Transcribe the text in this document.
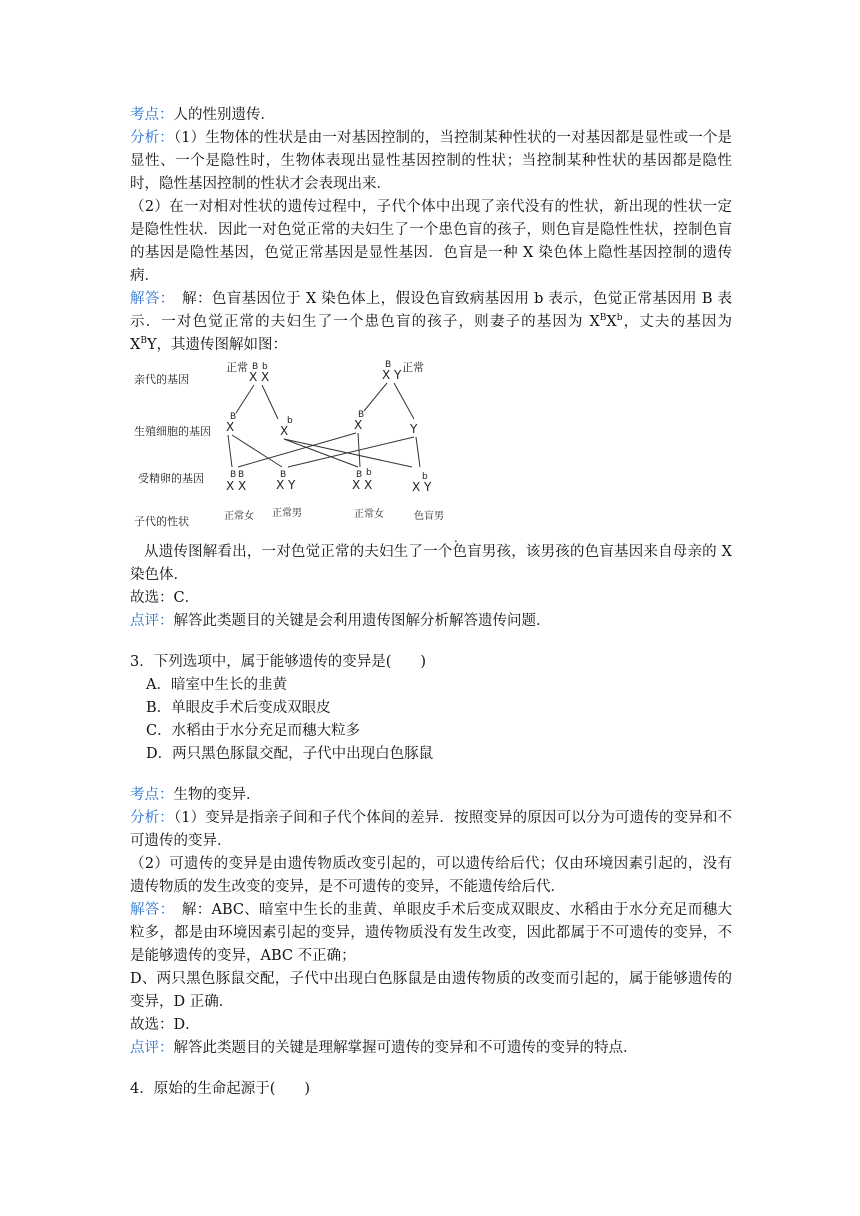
考点：人的性别遗传．

分析：（1）生物体的性状是由一对基因控制的，当控制某种性状的一对基因都是显性或一个是显性、一个是隐性时，生物体表现出显性基因控制的性状；当控制某种性状的基因都是隐性时，隐性基因控制的性状才会表现出来．

（2）在一对相对性状的遗传过程中，子代个体中出现了亲代没有的性状，新出现的性状一定是隐性性状．因此一对色觉正常的夫妇生了一个患色盲的孩子，则色盲是隐性性状，控制色盲的基因是隐性基因，色觉正常基因是显性基因．色盲是一种 X 染色体上隐性基因控制的遗传病．

解答：　解：色盲基因位于 X 染色体上，假设色盲致病基因用 b 表示，色觉正常基因用 B 表示．一对色觉正常的夫妇生了一个患色盲的孩子，则妻子的基因为 $X^BX^b$，丈夫的基因为 $X^BY$，其遗传图解如图：

亲代的基因
生殖细胞的基因
受精卵的基因
子代的性状
正常	正常
B b
X X
B
X Y
B
X	b
X
B
X	Y
B B
X X
B
X Y
B b
X X
b
X Y
正常女 正常男	正常女	色盲男
.

从遗传图解看出，一对色觉正常的夫妇生了一个色盲男孩，该男孩的色盲基因来自母亲的 X 染色体．

故选：C．

点评：解答此类题目的关键是会利用遗传图解分析解答遗传问题．

3．下列选项中，属于能够遗传的变异是(　　)

A．暗室中生长的韭黄

B．单眼皮手术后变成双眼皮

C．水稻由于水分充足而穗大粒多

D．两只黑色豚鼠交配，子代中出现白色豚鼠

考点：生物的变异．

分析：（1）变异是指亲子间和子代个体间的差异．按照变异的原因可以分为可遗传的变异和不可遗传的变异．

（2）可遗传的变异是由遗传物质改变引起的，可以遗传给后代；仅由环境因素引起的，没有遗传物质的发生改变的变异，是不可遗传的变异，不能遗传给后代．

解答：　解：ABC、暗室中生长的韭黄、单眼皮手术后变成双眼皮、水稻由于水分充足而穗大粒多，都是由环境因素引起的变异，遗传物质没有发生改变，因此都属于不可遗传的变异，不是能够遗传的变异，ABC 不正确；

D、两只黑色豚鼠交配，子代中出现白色豚鼠是由遗传物质的改变而引起的，属于能够遗传的变异，D 正确．

故选：D．

点评：解答此类题目的关键是理解掌握可遗传的变异和不可遗传的变异的特点．

4．原始的生命起源于(　　)
